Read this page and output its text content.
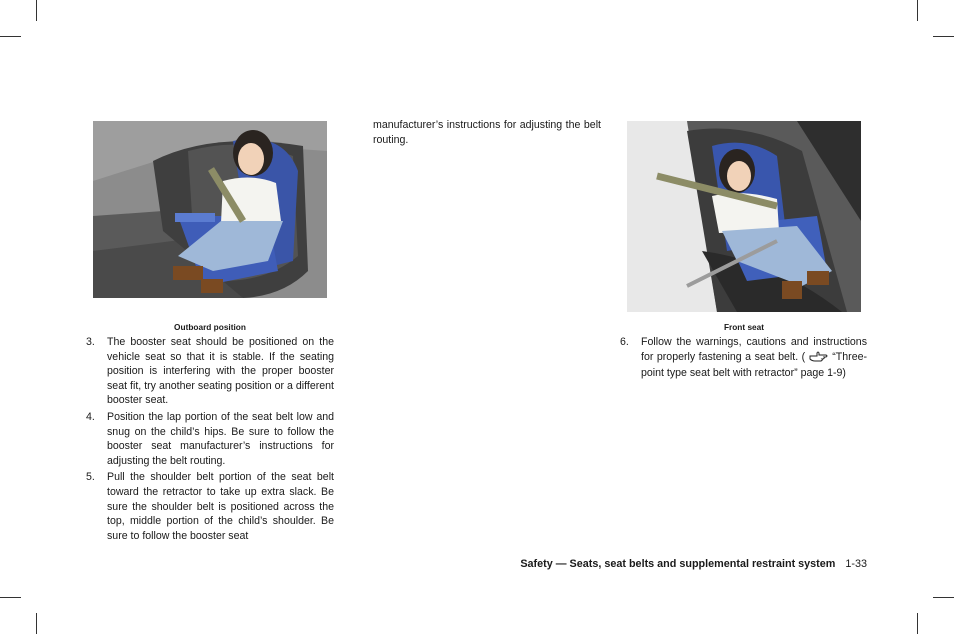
Outboard position
3. The booster seat should be positioned on the vehicle seat so that it is stable. If the seating position is interfering with the proper booster seat fit, try another seating position or a different booster seat.
4. Position the lap portion of the seat belt low and snug on the child’s hips. Be sure to follow the booster seat manufacturer’s instructions for adjusting the belt routing.
5. Pull the shoulder belt portion of the seat belt toward the retractor to take up extra slack. Be sure the shoulder belt is positioned across the top, middle portion of the child’s shoulder. Be sure to follow the booster seat

manufacturer’s instructions for adjusting the belt routing.

Front seat
6. Follow the warnings, cautions and instructions for properly fastening a seat belt. (	“Three-point type seat belt with retractor” page 1-9)
Safety — Seats, seat belts and supplemental restraint system 1-33
